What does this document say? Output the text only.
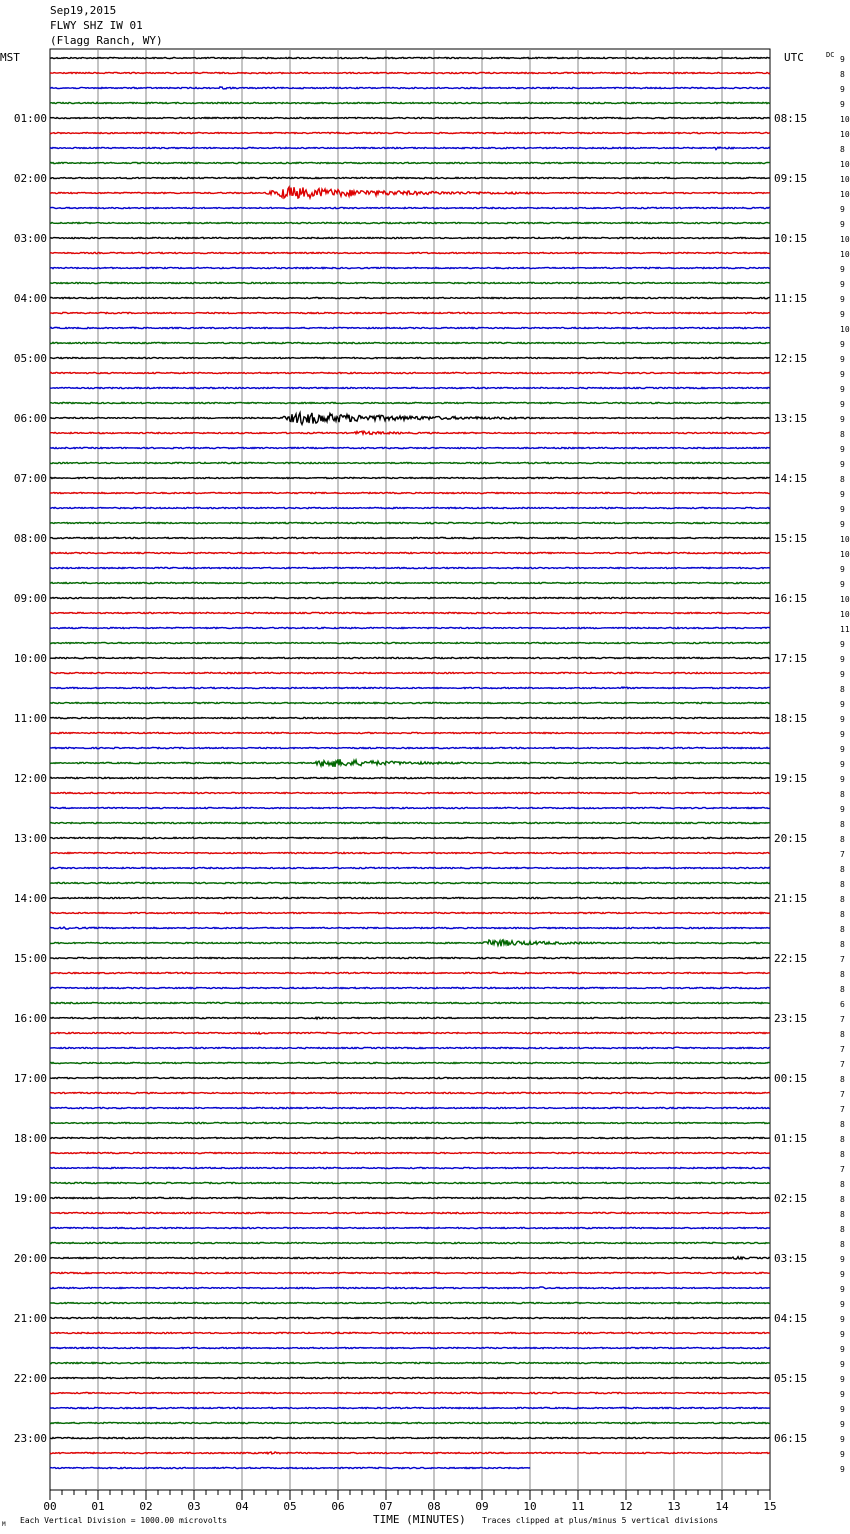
Sep19,2015
FLWY SHZ IW 01
(Flagg Ranch, WY)
9
8
9
9
10
10
8
10
10
10
9
9
10
10
9
9
9
9
10
9
9
9
9
9
9
8
9
9
8
9
9
9
10
10
9
9
10
10
11
9
9
9
8
9
9
9
9
9
9
8
9
8
8
7
8
8
8
8
8
8
7
8
8
6
7
8
7
7
8
7
7
8
8
8
7
8
8
8
8
8
9
9
9
9
9
9
9
9
9
9
9
9
9
9
9
01:00
02:00
03:00
04:00
05:00
06:00
07:00
08:00
09:00
10:00
11:00
12:00
13:00
14:00
15:00
16:00
17:00
18:00
19:00
20:00
21:00
22:00
23:00
08:15
09:15
10:15
11:15
12:15
13:15
14:15
15:15
16:15
17:15
18:15
19:15
20:15
21:15
22:15
23:15
00:15
01:15
02:15
03:15
04:15
05:15
06:15
MST	UTC	DC
00	01	02	03	04	05	06	07	08	09	10	11	12	13	14	15
M Each Vertical Division = 1000.00 microvolts	TIME (MINUTES) Traces clipped at plus/minus 5 vertical divisions
